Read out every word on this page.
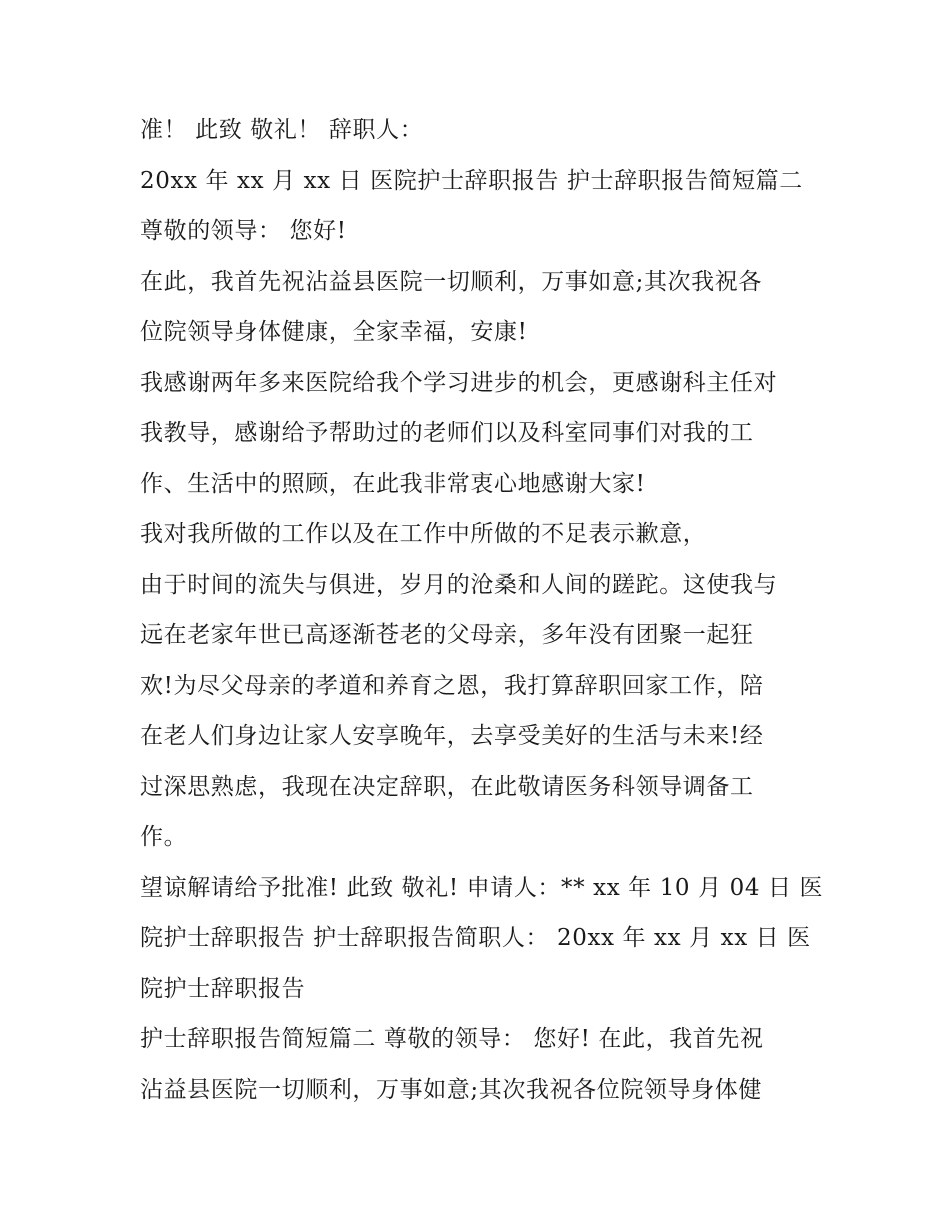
准！ 此致 敬礼！ 辞职人：
20xx 年 xx 月 xx 日 医院护士辞职报告 护士辞职报告简短篇二
尊敬的领导： 您好!
在此，我首先祝沾益县医院一切顺利，万事如意;其次我祝各
位院领导身体健康，全家幸福，安康!
我感谢两年多来医院给我个学习进步的机会，更感谢科主任对
我教导，感谢给予帮助过的老师们以及科室同事们对我的工
作、生活中的照顾，在此我非常衷心地感谢大家!
我对我所做的工作以及在工作中所做的不足表示歉意，
由于时间的流失与俱进，岁月的沧桑和人间的蹉跎。这使我与
远在老家年世已高逐渐苍老的父母亲，多年没有团聚一起狂
欢!为尽父母亲的孝道和养育之恩，我打算辞职回家工作，陪
在老人们身边让家人安享晚年，去享受美好的生活与未来!经
过深思熟虑，我现在决定辞职，在此敬请医务科领导调备工
作。
望谅解请给予批准! 此致 敬礼! 申请人：** xx 年 10 月 04 日 医
院护士辞职报告 护士辞职报告简职人： 20xx 年 xx 月 xx 日 医
院护士辞职报告
护士辞职报告简短篇二 尊敬的领导： 您好! 在此，我首先祝
沾益县医院一切顺利，万事如意;其次我祝各位院领导身体健
